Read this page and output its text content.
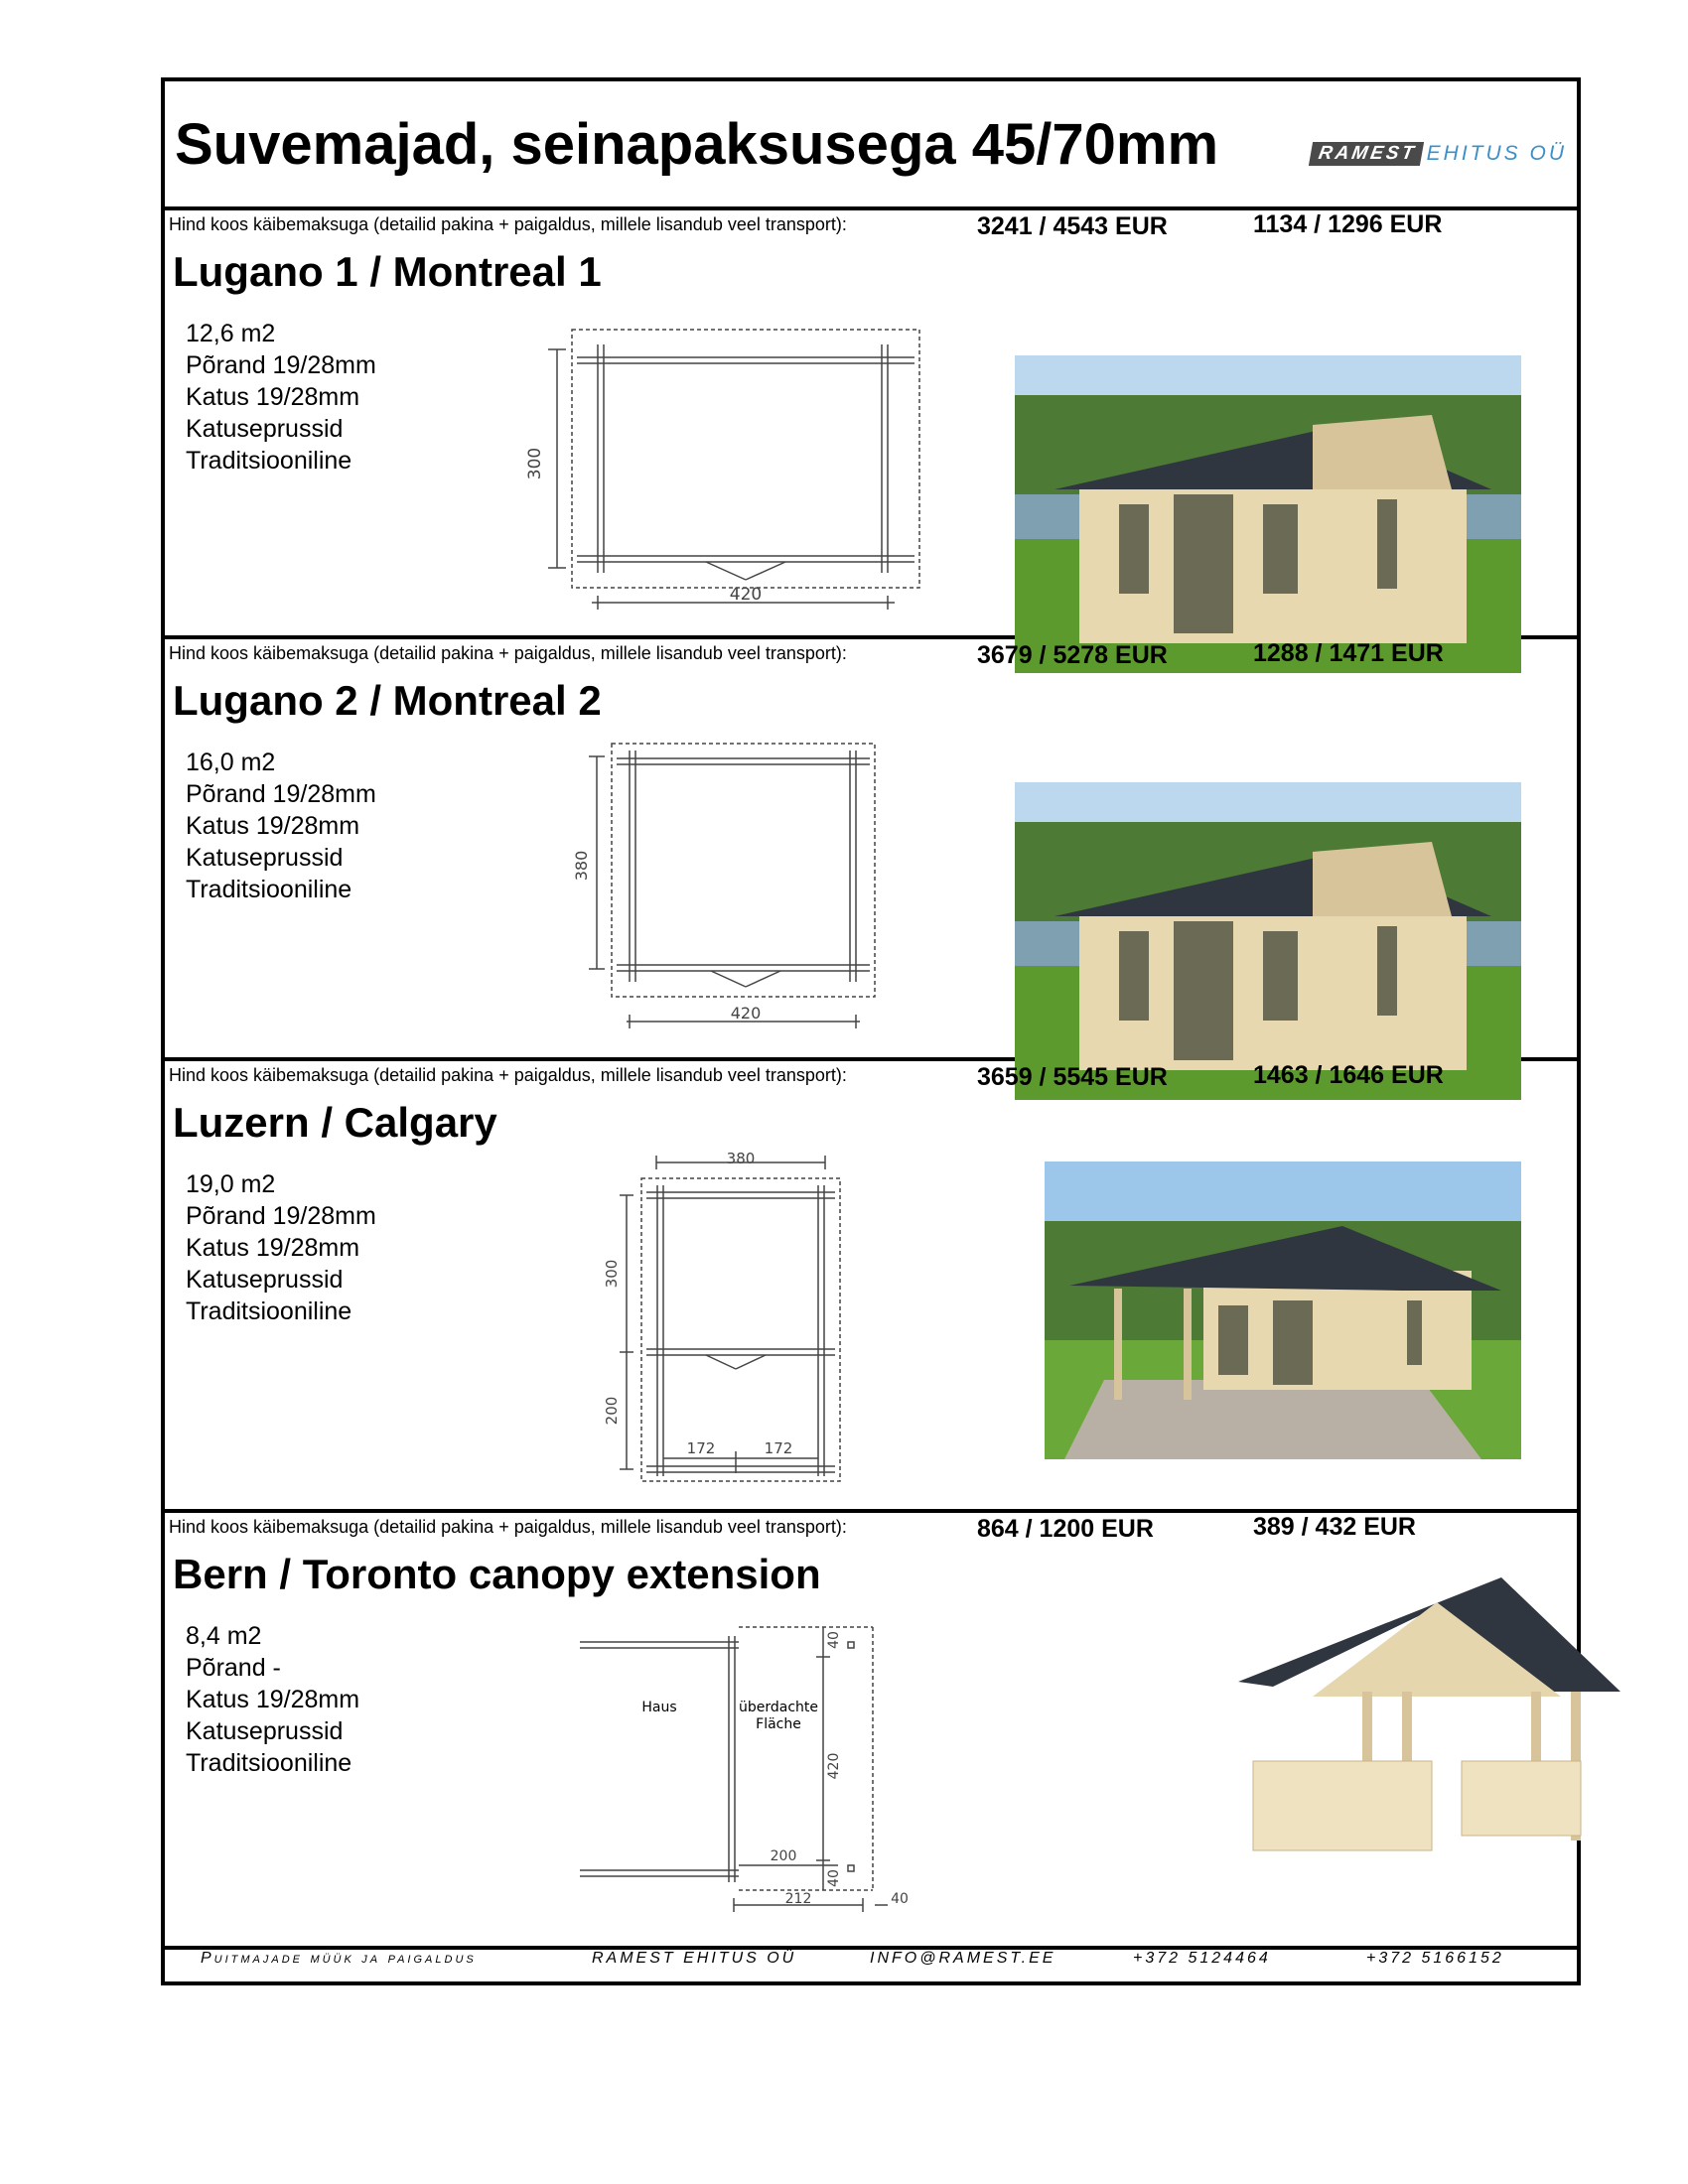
Suvemajad, seinapaksusega 45/70mm	RAMEST EHITUS OÜ
Hind koos käibemaksuga (detailid pakina + paigaldus, millele lisandub veel transport):	3241 / 4543 EUR	1134 / 1296 EUR
Lugano 1 / Montreal 1
12,6 m2
Põrand 19/28mm
Katus 19/28mm
Katuseprussid
Traditsiooniline	300
420
Hind koos käibemaksuga (detailid pakina + paigaldus, millele lisandub veel transport):	3679 / 5278 EUR	1288 / 1471 EUR
Lugano 2 / Montreal 2
16,0 m2
Põrand 19/28mm
Katus 19/28mm
Katuseprussid
Traditsiooniline
380
420
Hind koos käibemaksuga (detailid pakina + paigaldus, millele lisandub veel transport):	3659 / 5545 EUR	1463 / 1646 EUR
Luzern / Calgary
19,0 m2
Põrand 19/28mm
Katus 19/28mm
Katuseprussid
Traditsiooniline
380
300
200
172	172
Hind koos käibemaksuga (detailid pakina + paigaldus, millele lisandub veel transport):	864 / 1200 EUR	389 / 432 EUR
Bern / Toronto canopy extension
8,4 m2
Põrand -
Katus 19/28mm
Katuseprussid
Traditsiooniline
40
Haus	überdachte
Fläche
420
200
40
212	40
Puitmajade müük ja paigaldus	RAMEST EHITUS OÜ	INFO@RAMEST.EE	+372 5124464	+372 5166152
